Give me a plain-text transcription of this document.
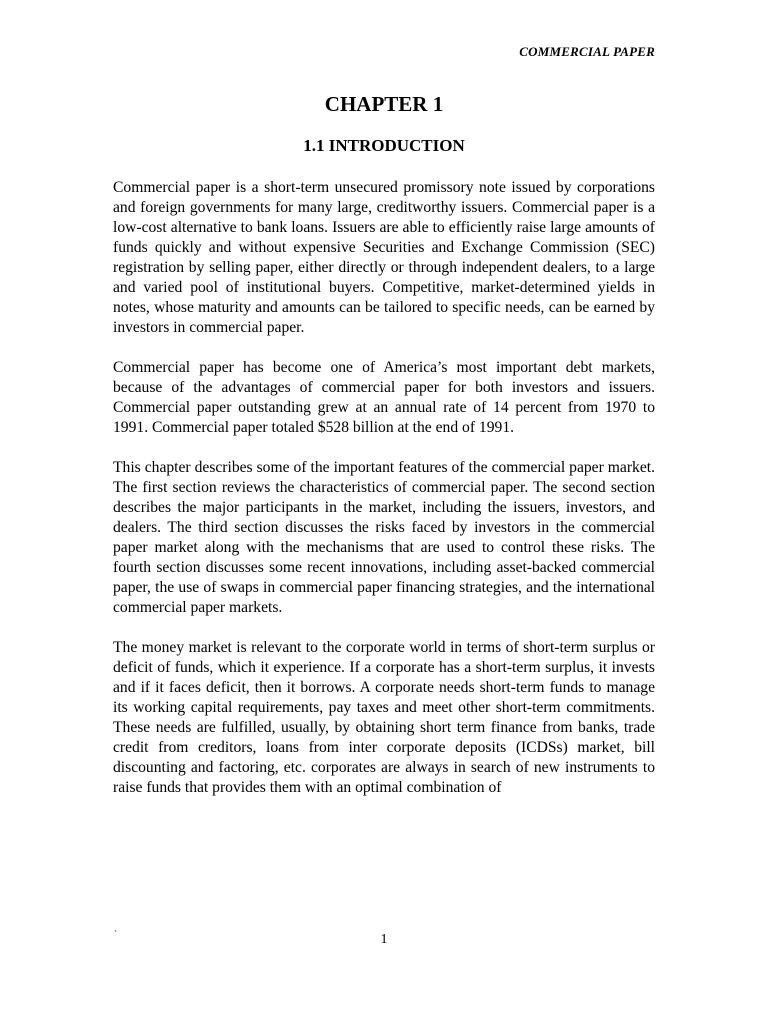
COMMERCIAL PAPER
CHAPTER 1
1.1 INTRODUCTION

Commercial paper is a short-term unsecured promissory note issued by corporations and foreign governments for many large, creditworthy issuers. Commercial paper is a low-cost alternative to bank loans. Issuers are able to efficiently raise large amounts of funds quickly and without expensive Securities and Exchange Commission (SEC) registration by selling paper, either directly or through independent dealers, to a large and varied pool of institutional buyers. Competitive, market-determined yields in notes, whose maturity and amounts can be tailored to specific needs, can be earned by investors in commercial paper.

Commercial paper has become one of America’s most important debt markets, because of the advantages of commercial paper for both investors and issuers. Commercial paper outstanding grew at an annual rate of 14 percent from 1970 to 1991. Commercial paper totaled $528 billion at the end of 1991.

This chapter describes some of the important features of the commercial paper market. The first section reviews the characteristics of commercial paper. The second section describes the major participants in the market, including the issuers, investors, and dealers. The third section discusses the risks faced by investors in the commercial paper market along with the mechanisms that are used to control these risks. The fourth section discusses some recent innovations, including asset-backed commercial paper, the use of swaps in commercial paper financing strategies, and the international commercial paper markets.

The money market is relevant to the corporate world in terms of short-term surplus or deficit of funds, which it experience. If a corporate has a short-term surplus, it invests and if it faces deficit, then it borrows. A corporate needs short-term funds to manage its working capital requirements, pay taxes and meet other short-term commitments. These needs are fulfilled, usually, by obtaining short term finance from banks, trade credit from creditors, loans from inter corporate deposits (ICDSs) market, bill discounting and factoring, etc. corporates are always in search of new instruments to raise funds that provides them with an optimal combination of

`	1
